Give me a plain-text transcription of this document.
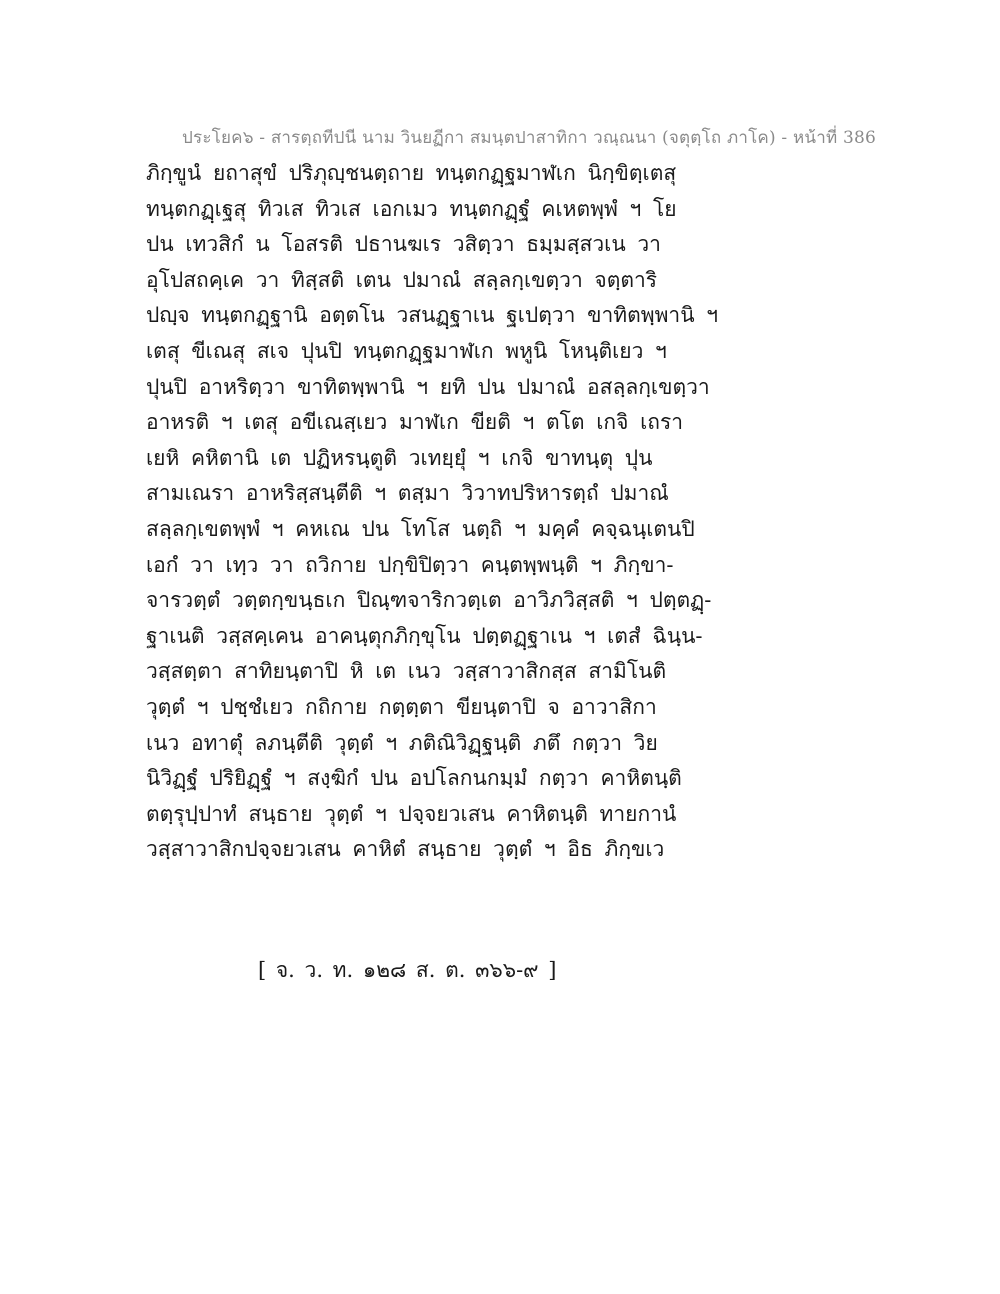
ประโยค๖ - สารตฺถทีปนี นาม วินยฏีกา สมนฺตปาสาทิกา วณฺณนา (จตุตฺโถ ภาโค) - หน้าที่ 386
ภิกฺขูนํ ยถาสุขํ ปริภุญฺชนตฺถาย ทนฺตกฏฺฐมาฬเก นิกฺขิตฺเตสุ
ทนฺตกฏฺเฐสุ ทิวเส ทิวเส เอกเมว ทนฺตกฏฺฐํ คเหตพฺพํ ฯ โย
ปน เทวสิกํ น โอสรติ ปธานฆเร วสิตฺวา ธมฺมสฺสวเน วา
อุโปสถคฺเค วา ทิสฺสติ เตน ปมาณํ สลฺลกฺเขตฺวา จตฺตาริ
ปญฺจ ทนฺตกฏฺฐานิ อตฺตโน วสนฏฺฐาเน ฐเปตฺวา ขาทิตพฺพานิ ฯ
เตสุ ขีเณสุ สเจ ปุนปิ ทนฺตกฏฺฐมาฬเก พหูนิ โหนฺติเยว ฯ
ปุนปิ อาหริตฺวา ขาทิตพฺพานิ ฯ ยทิ ปน ปมาณํ อสลฺลกฺเขตฺวา
อาหรติ ฯ เตสุ อขีเณสฺเยว มาฬเก ขียติ ฯ ตโต เกจิ เถรา
เยหิ คหิตานิ เต ปฏิหรนฺตูติ วเทยฺยุํ ฯ เกจิ ขาทนฺตุ ปุน
สามเณรา อาหริสฺสนฺตีติ ฯ ตสฺมา วิวาทปริหารตฺถํ ปมาณํ
สลฺลกฺเขตพฺพํ ฯ คหเณ ปน โทโส นตฺถิ ฯ มคฺคํ คจฺฉนฺเตนปิ
เอกํ วา เทฺว วา ถวิกาย ปกฺขิปิตฺวา คนฺตพฺพนฺติ ฯ ภิกฺขา-
จารวตฺตํ วตฺตกฺขนฺธเก ปิณฺฑจาริกวตฺเต อาวิภวิสฺสติ ฯ ปตฺตฏฺ-
ฐาเนติ วสฺสคฺเคน อาคนฺตุกภิกฺขุโน ปตฺตฏฺฐาเน ฯ เตสํ ฉินฺน-
วสฺสตฺตา สาทิยนฺตาปิ หิ เต เนว วสฺสาวาสิกสฺส สามิโนติ
วุตฺตํ ฯ ปชฺชํเยว กถิกาย กตฺตฺตา ขียนฺตาปิ จ อาวาสิกา
เนว อทาตุํ ลภนฺตีติ วุตฺตํ ฯ ภติณิวิฏฺฐนฺติ ภตึ กตฺวา วิย
นิวิฏฺฐํ ปริยิฏฺฐํ ฯ สงฺฆิกํ ปน อปโลกนกมฺมํ กตฺวา คาหิตนฺติ
ตตฺรุปฺปาทํ สนฺธาย วุตฺตํ ฯ ปจฺจยวเสน คาหิตนฺติ ทายกานํ
วสฺสาวาสิกปจฺจยวเสน คาหิตํ สนฺธาย วุตฺตํ ฯ อิธ ภิกฺขเว
[ จ. ว. ท. ๑๒๘ ส. ต. ๓๖๖-๙ ]
